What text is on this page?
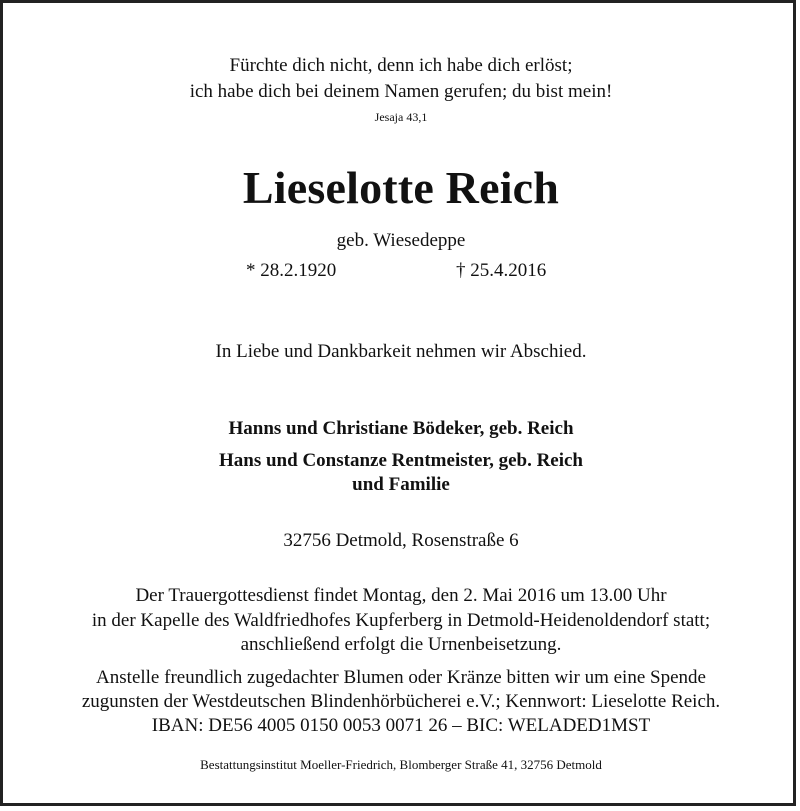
Fürchte dich nicht, denn ich habe dich erlöst;
ich habe dich bei deinem Namen gerufen; du bist mein!
Jesaja 43,1
Lieselotte Reich
geb. Wiesedeppe
* 28.2.1920	† 25.4.2016
In Liebe und Dankbarkeit nehmen wir Abschied.
Hanns und Christiane Bödeker, geb. Reich
Hans und Constanze Rentmeister, geb. Reich
und Familie
32756 Detmold, Rosenstraße 6
Der Trauergottesdienst findet Montag, den 2. Mai 2016 um 13.00 Uhr
in der Kapelle des Waldfriedhofes Kupferberg in Detmold-Heidenoldendorf statt;
anschließend erfolgt die Urnenbeisetzung.
Anstelle freundlich zugedachter Blumen oder Kränze bitten wir um eine Spende
zugunsten der Westdeutschen Blindenhörbücherei e.V.; Kennwort: Lieselotte Reich.
IBAN: DE56 4005 0150 0053 0071 26 – BIC: WELADED1MST
Bestattungsinstitut Moeller-Friedrich, Blomberger Straße 41, 32756 Detmold
